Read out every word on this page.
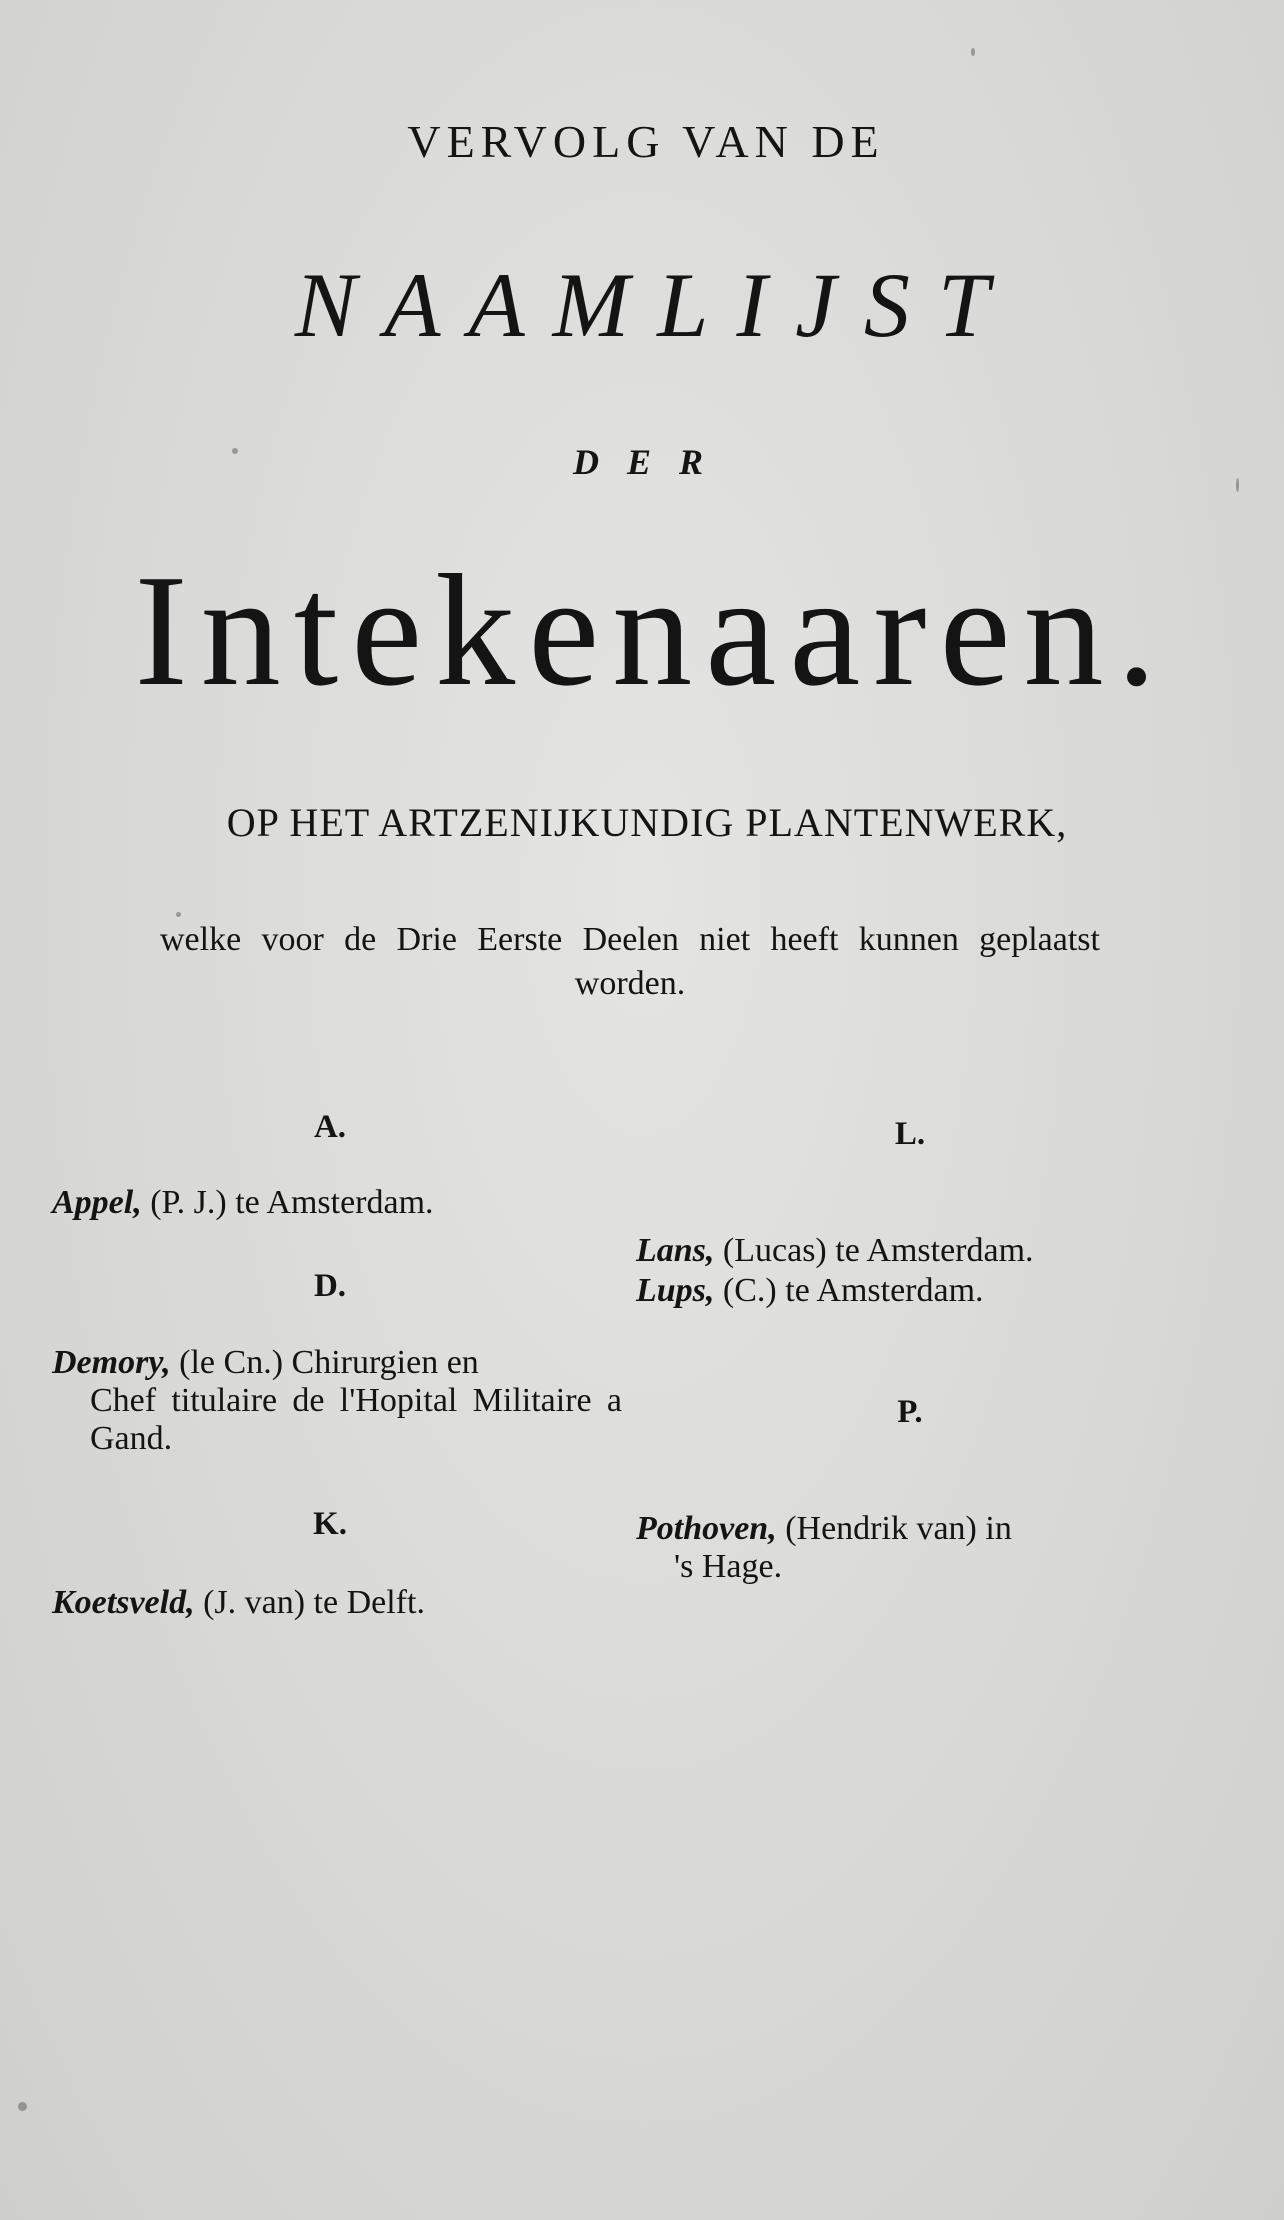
VERVOLG VAN DE
NAAMLIJST
DER
Intekenaaren.
OP HET ARTZENIJKUNDIG PLANTENWERK,
welke voor de Drie Eerste Deelen niet heeft kunnen geplaatst worden.
A.
Appel, (P. J.) te Amsterdam.
D.
Demory, (le Cn.) Chirurgien en
Chef titulaire de l'Hopital Militaire a Gand.
K.
Koetsveld, (J. van) te Delft.
L.
Lans, (Lucas) te Amsterdam.
Lups, (C.) te Amsterdam.
P.
Pothoven, (Hendrik van) in
's Hage.
